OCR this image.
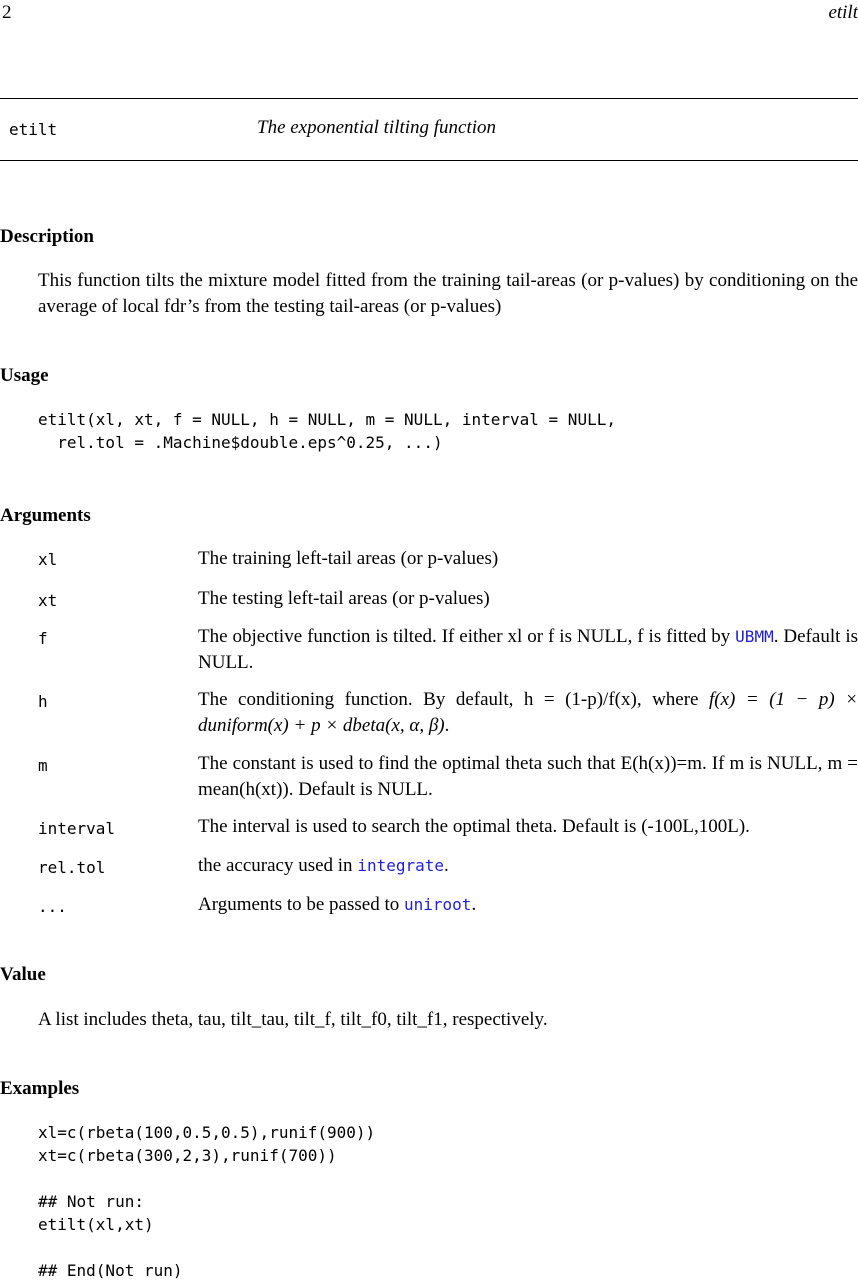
2	etilt
etilt	The exponential tilting function
Description
This function tilts the mixture model fitted from the training tail-areas (or p-values) by conditioning on the average of local fdr’s from the testing tail-areas (or p-values)
Usage
etilt(xl, xt, f = NULL, h = NULL, m = NULL, interval = NULL,
rel.tol = .Machine$double.eps^0.25, ...)
Arguments
xl	The training left-tail areas (or p-values)
xt	The testing left-tail areas (or p-values)
f	The objective function is tilted. If either xl or f is NULL, f is fitted by UBMM. Default is NULL.
h	The conditioning function. By default, h = (1-p)/f(x), where f(x) = (1 − p) × duniform(x) + p × dbeta(x, α, β).
m	The constant is used to find the optimal theta such that E(h(x))=m. If m is NULL, m = mean(h(xt)). Default is NULL.
interval	The interval is used to search the optimal theta. Default is (-100L,100L).
rel.tol	the accuracy used in integrate.
...	Arguments to be passed to uniroot.
Value
A list includes theta, tau, tilt_tau, tilt_f, tilt_f0, tilt_f1, respectively.
Examples
xl=c(rbeta(100,0.5,0.5),runif(900))
xt=c(rbeta(300,2,3),runif(700))

## Not run:
etilt(xl,xt)

## End(Not run)
